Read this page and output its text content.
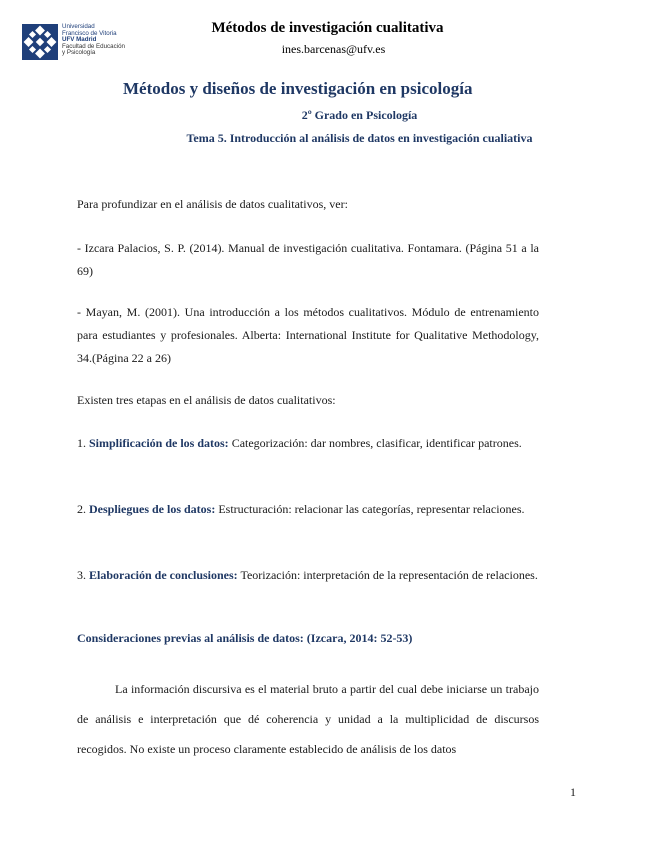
Universidad
Francisco de Vitoria
UFV Madrid
Facultad de Educación
y Psicología
Métodos de investigación cualitativa
ines.barcenas@ufv.es
Métodos y diseños de investigación en psicología
2º Grado en Psicología
Tema 5. Introducción al análisis de datos en investigación cualiativa
Para profundizar en el análisis de datos cualitativos, ver:
- Izcara Palacios, S. P. (2014). Manual de investigación cualitativa. Fontamara. (Página 51 a la 69)
- Mayan, M. (2001). Una introducción a los métodos cualitativos. Módulo de entrenamiento para estudiantes y profesionales. Alberta: International Institute for Qualitative Methodology, 34.(Página 22 a 26)
Existen tres etapas en el análisis de datos cualitativos:
1. Simplificación de los datos: Categorización: dar nombres, clasificar, identificar patrones.
2. Despliegues de los datos: Estructuración: relacionar las categorías, representar relaciones.
3. Elaboración de conclusiones: Teorización: interpretación de la representación de relaciones.
Consideraciones previas al análisis de datos: (Izcara, 2014: 52-53)
La información discursiva es el material bruto a partir del cual debe iniciarse un trabajo de análisis e interpretación que dé coherencia y unidad a la multiplicidad de discursos recogidos. No existe un proceso claramente establecido de análisis de los datos
1
